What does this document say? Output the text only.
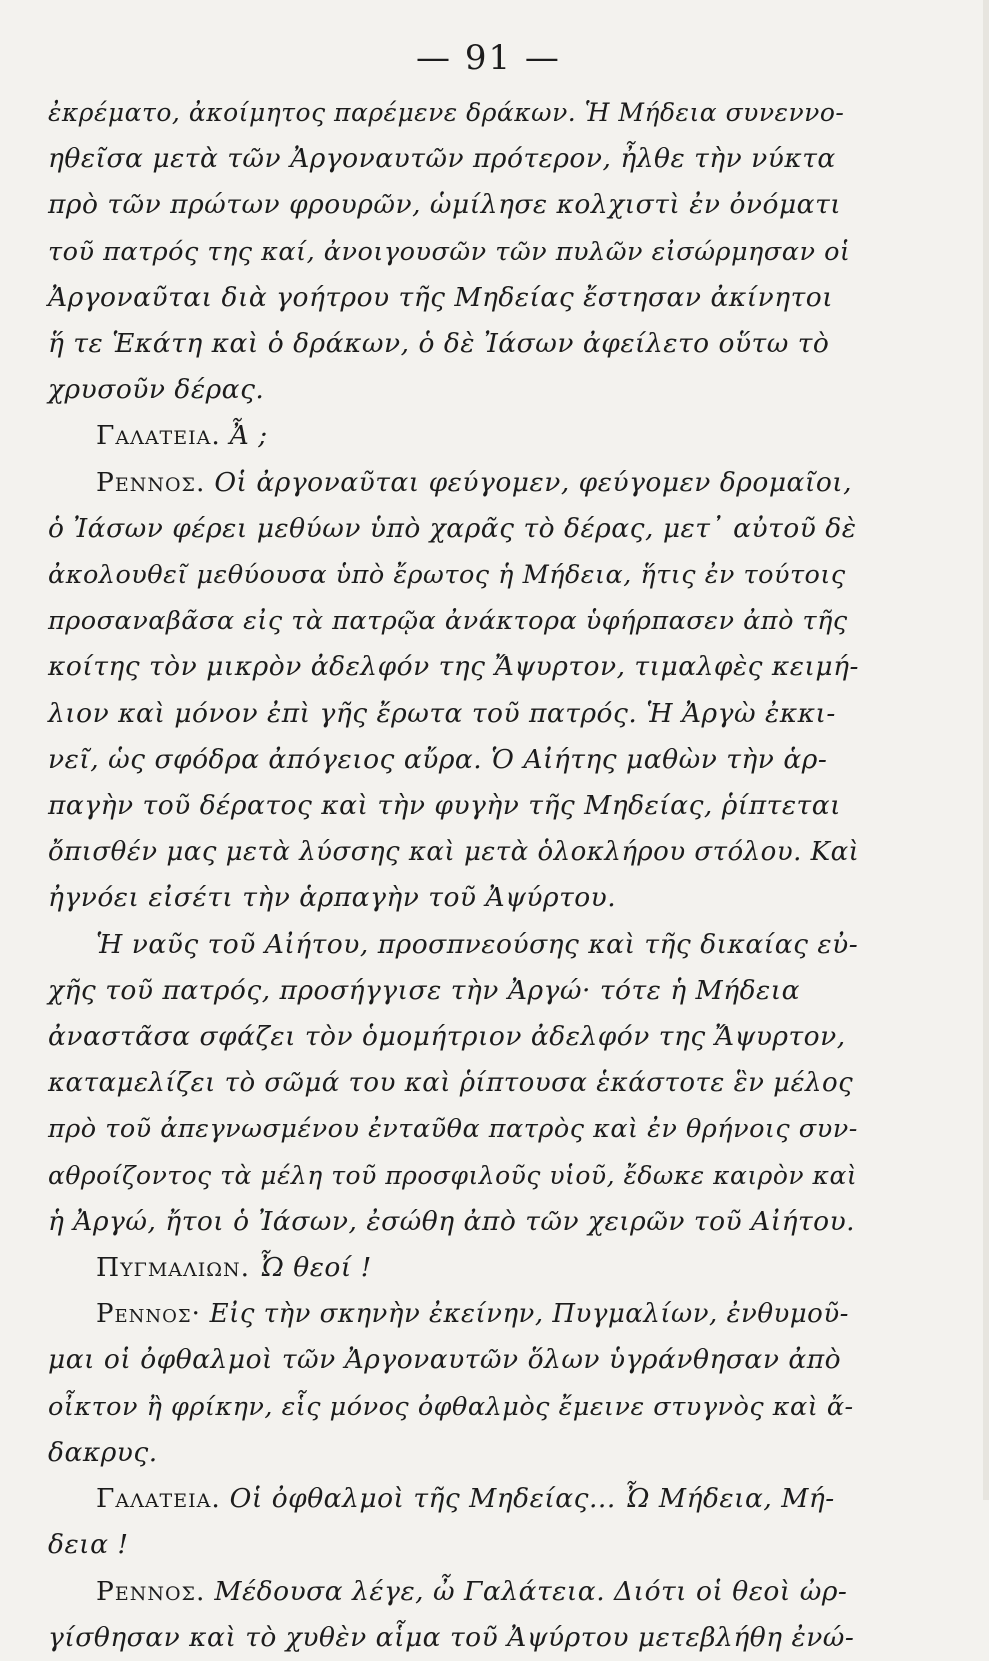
— 91 —
ἐκρέματο, ἀκοίμητος παρέμενε δράκων. Ἡ Μήδεια συνεννο-
ηθεῖσα μετὰ τῶν Ἀργοναυτῶν πρότερον, ἦλθε τὴν νύκτα
πρὸ τῶν πρώτων φρουρῶν, ὡμίλησε κολχιστὶ ἐν ὀνόματι
τοῦ πατρός της καί, ἀνοιγουσῶν τῶν πυλῶν εἰσώρμησαν οἱ
Ἀργοναῦται διὰ γοήτρου τῆς Μηδείας ἔστησαν ἀκίνητοι
ἥ τε Ἑκάτη καὶ ὁ δράκων, ὁ δὲ Ἰάσων ἀφείλετο οὕτω τὸ
χρυσοῦν δέρας.
Γαλατεια. Ἆ ;
Ρεννος. Οἱ ἀργοναῦται φεύγομεν, φεύγομεν δρομαῖοι,
ὁ Ἰάσων φέρει μεθύων ὑπὸ χαρᾶς τὸ δέρας, μετ᾽ αὐτοῦ δὲ
ἀκολουθεῖ μεθύουσα ὑπὸ ἔρωτος ἡ Μήδεια, ἥτις ἐν τούτοις
προσαναβᾶσα εἰς τὰ πατρῷα ἀνάκτορα ὑφήρπασεν ἀπὸ τῆς
κοίτης τὸν μικρὸν ἀδελφόν της Ἄψυρτον, τιμαλφὲς κειμή-
λιον καὶ μόνον ἐπὶ γῆς ἔρωτα τοῦ πατρός. Ἡ Ἀργὼ ἐκκι-
νεῖ, ὡς σφόδρα ἀπόγειος αὔρα. Ὁ Αἰήτης μαθὼν τὴν ἁρ-
παγὴν τοῦ δέρατος καὶ τὴν φυγὴν τῆς Μηδείας, ῥίπτεται
ὄπισθέν μας μετὰ λύσσης καὶ μετὰ ὁλοκλήρου στόλου. Καὶ
ἠγνόει εἰσέτι τὴν ἁρπαγὴν τοῦ Ἀψύρτου.
Ἡ ναῦς τοῦ Αἰήτου, προσπνεούσης καὶ τῆς δικαίας εὐ-
χῆς τοῦ πατρός, προσήγγισε τὴν Ἀργώ· τότε ἡ Μήδεια
ἀναστᾶσα σφάζει τὸν ὁμομήτριον ἀδελφόν της Ἄψυρτον,
καταμελίζει τὸ σῶμά του καὶ ῥίπτουσα ἑκάστοτε ἓν μέλος
πρὸ τοῦ ἀπεγνωσμένου ἐνταῦθα πατρὸς καὶ ἐν θρήνοις συν-
αθροίζοντος τὰ μέλη τοῦ προσφιλοῦς υἱοῦ, ἔδωκε καιρὸν καὶ
ἡ Ἀργώ, ἤτοι ὁ Ἰάσων, ἐσώθη ἀπὸ τῶν χειρῶν τοῦ Αἰήτου.
Πυγμαλιων. Ὦ θεοί !
Ρεννος· Εἰς τὴν σκηνὴν ἐκείνην, Πυγμαλίων, ἐνθυμοῦ-
μαι οἱ ὀφθαλμοὶ τῶν Ἀργοναυτῶν ὅλων ὑγράνθησαν ἀπὸ
οἶκτον ἢ φρίκην, εἷς μόνος ὀφθαλμὸς ἔμεινε στυγνὸς καὶ ἄ-
δακρυς.
Γαλατεια. Οἱ ὀφθαλμοὶ τῆς Μηδείας... Ὦ Μήδεια, Μή-
δεια !
Ρεννος. Μέδουσα λέγε, ὦ Γαλάτεια. Διότι οἱ θεοὶ ὠρ-
γίσθησαν καὶ τὸ χυθὲν αἷμα τοῦ Ἀψύρτου μετεβλήθη ἐνώ-
